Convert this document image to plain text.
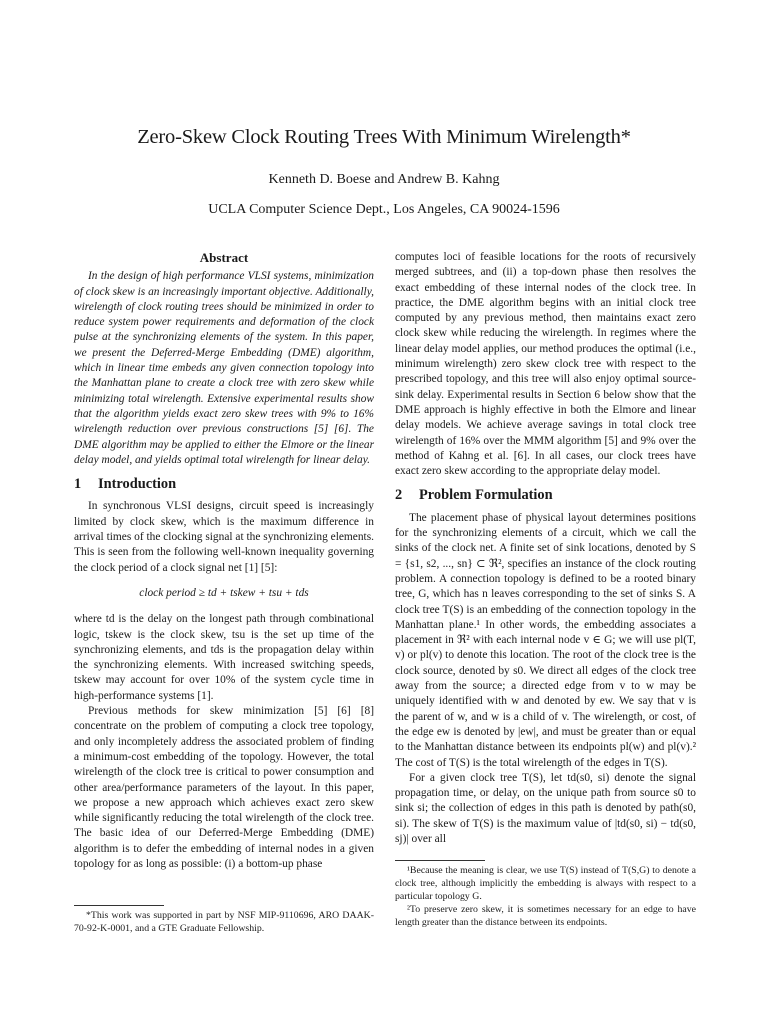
Zero-Skew Clock Routing Trees With Minimum Wirelength*
Kenneth D. Boese and Andrew B. Kahng
UCLA Computer Science Dept., Los Angeles, CA 90024-1596
Abstract

In the design of high performance VLSI systems, minimization of clock skew is an increasingly important objective. Additionally, wirelength of clock routing trees should be minimized in order to reduce system power requirements and deformation of the clock pulse at the synchronizing elements of the system. In this paper, we present the Deferred-Merge Embedding (DME) algorithm, which in linear time embeds any given connection topology into the Manhattan plane to create a clock tree with zero skew while minimizing total wirelength. Extensive experimental results show that the algorithm yields exact zero skew trees with 9% to 16% wirelength reduction over previous constructions [5] [6]. The DME algorithm may be applied to either the Elmore or the linear delay model, and yields optimal total wirelength for linear delay.

1 Introduction

In synchronous VLSI designs, circuit speed is increasingly limited by clock skew, which is the maximum difference in arrival times of the clocking signal at the synchronizing elements. This is seen from the following well-known inequality governing the clock period of a clock signal net [1] [5]:

clock period ≥ td + tskew + tsu + tds

where td is the delay on the longest path through combinational logic, tskew is the clock skew, tsu is the set up time of the synchronizing elements, and tds is the propagation delay within the synchronizing elements. With increased switching speeds, tskew may account for over 10% of the system cycle time in high-performance systems [1].

Previous methods for skew minimization [5] [6] [8] concentrate on the problem of computing a clock tree topology, and only incompletely address the associated problem of finding a minimum-cost embedding of the topology. However, the total wirelength of the clock tree is critical to power consumption and other area/performance parameters of the layout. In this paper, we propose a new approach which achieves exact zero skew while significantly reducing the total wirelength of the clock tree. The basic idea of our Deferred-Merge Embedding (DME) algorithm is to defer the embedding of internal nodes in a given topology for as long as possible: (i) a bottom-up phase

computes loci of feasible locations for the roots of recursively merged subtrees, and (ii) a top-down phase then resolves the exact embedding of these internal nodes of the clock tree. In practice, the DME algorithm begins with an initial clock tree computed by any previous method, then maintains exact zero clock skew while reducing the wirelength. In regimes where the linear delay model applies, our method produces the optimal (i.e., minimum wirelength) zero skew clock tree with respect to the prescribed topology, and this tree will also enjoy optimal source-sink delay. Experimental results in Section 6 below show that the DME approach is highly effective in both the Elmore and linear delay models. We achieve average savings in total clock tree wirelength of 16% over the MMM algorithm [5] and 9% over the method of Kahng et al. [6]. In all cases, our clock trees have exact zero skew according to the appropriate delay model.

2 Problem Formulation

The placement phase of physical layout determines positions for the synchronizing elements of a circuit, which we call the sinks of the clock net. A finite set of sink locations, denoted by S = {s1, s2, ..., sn} ⊂ ℜ², specifies an instance of the clock routing problem. A connection topology is defined to be a rooted binary tree, G, which has n leaves corresponding to the set of sinks S. A clock tree T(S) is an embedding of the connection topology in the Manhattan plane.¹ In other words, the embedding associates a placement in ℜ² with each internal node v ∈ G; we will use pl(T, v) or pl(v) to denote this location. The root of the clock tree is the clock source, denoted by s0. We direct all edges of the clock tree away from the source; a directed edge from v to w may be uniquely identified with w and denoted by ew. We say that v is the parent of w, and w is a child of v. The wirelength, or cost, of the edge ew is denoted by |ew|, and must be greater than or equal to the Manhattan distance between its endpoints pl(w) and pl(v).² The cost of T(S) is the total wirelength of the edges in T(S).

For a given clock tree T(S), let td(s0, si) denote the signal propagation time, or delay, on the unique path from source s0 to sink si; the collection of edges in this path is denoted by path(s0, si). The skew of T(S) is the maximum value of |td(s0, si) − td(s0, sj)| over all

*This work was supported in part by NSF MIP-9110696, ARO DAAK-70-92-K-0001, and a GTE Graduate Fellowship.

¹Because the meaning is clear, we use T(S) instead of T(S,G) to denote a clock tree, although implicitly the embedding is always with respect to a particular topology G.

²To preserve zero skew, it is sometimes necessary for an edge to have length greater than the distance between its endpoints.
